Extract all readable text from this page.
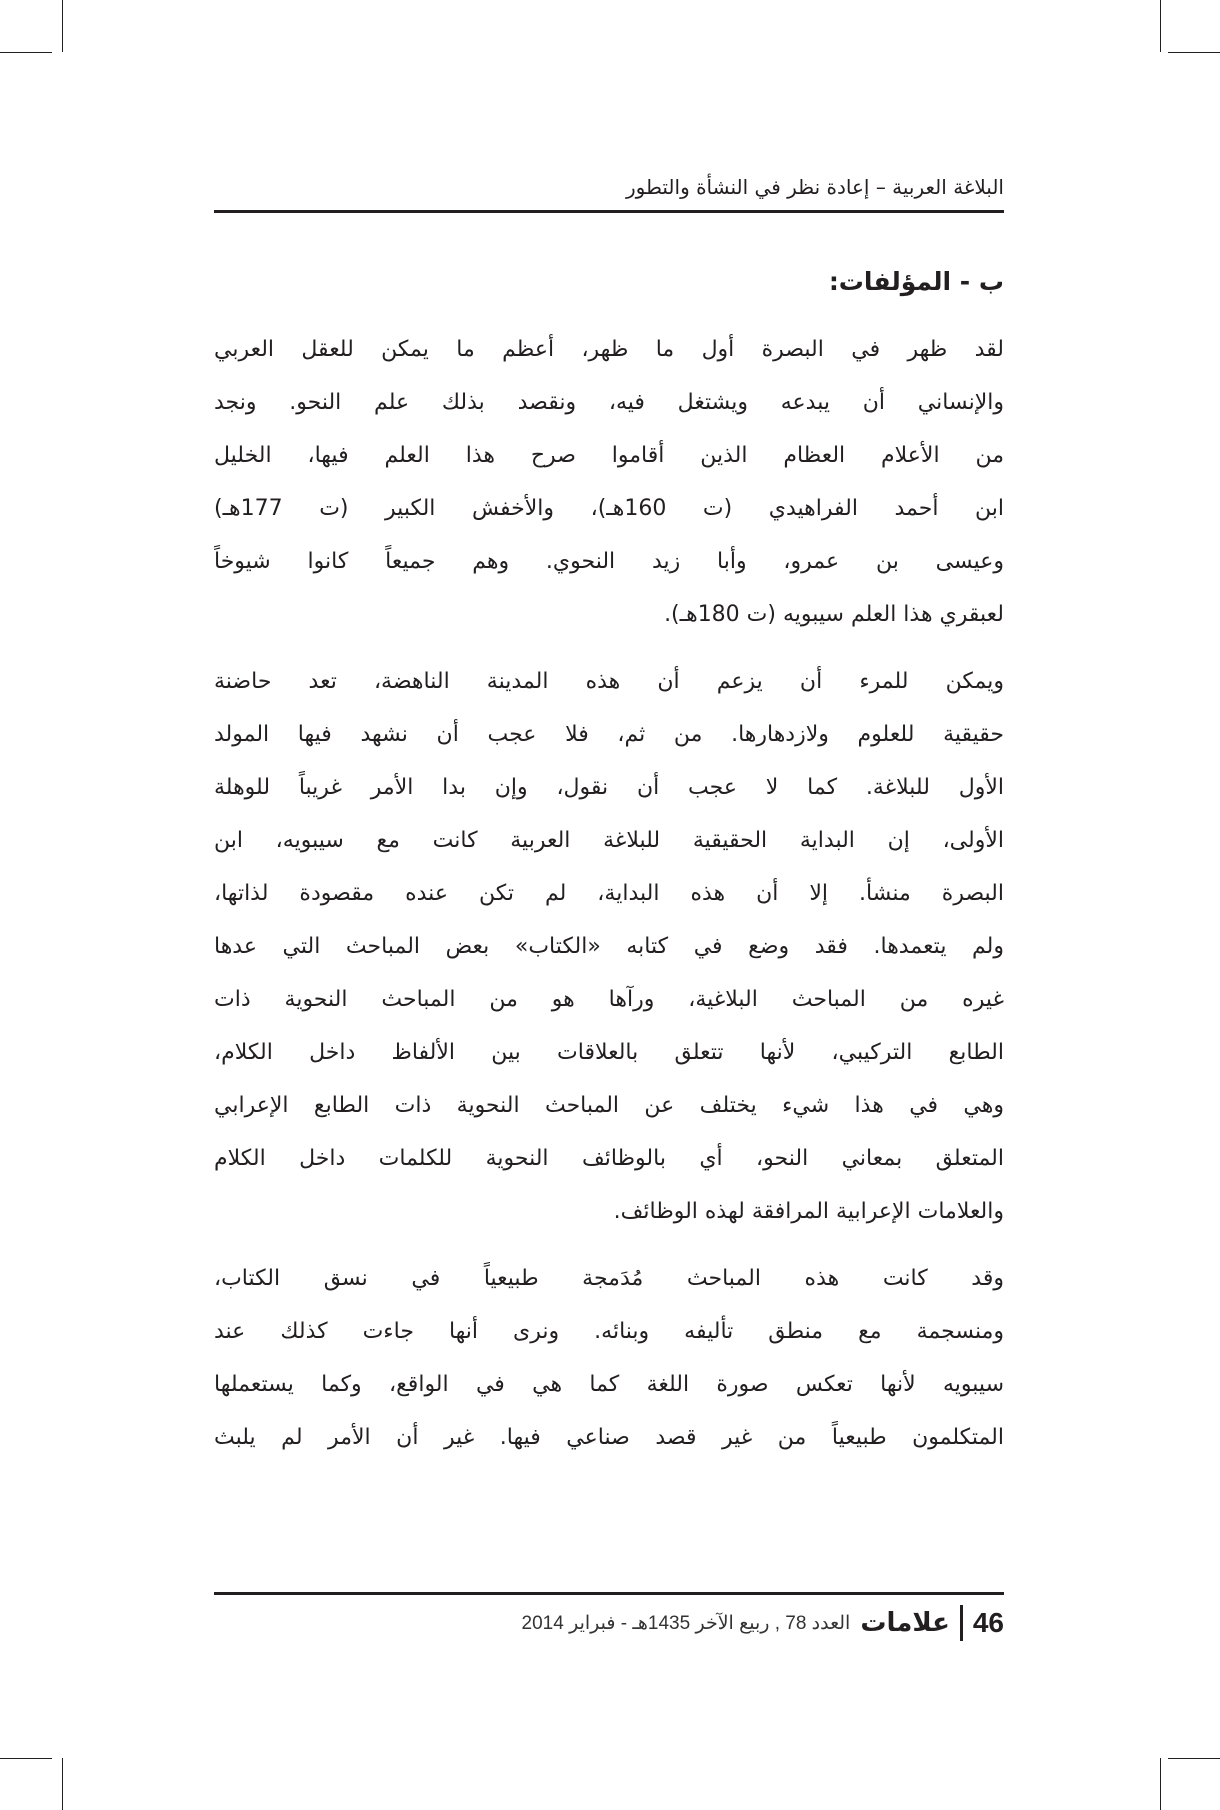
البلاغة العربية – إعادة نظر في النشأة والتطور
ب - المؤلفات:
لقد ظهر في البصرة أول ما ظهر، أعظم ما يمكن للعقل العربي
والإنساني أن يبدعه ويشتغل فيه، ونقصد بذلك علم النحو. ونجد
من الأعلام العظام الذين أقاموا صرح هذا العلم فيها، الخليل
ابن أحمد الفراهيدي (ت 160هـ)، والأخفش الكبير (ت 177هـ)
وعيسى بن عمرو، وأبا زيد النحوي. وهم جميعاً كانوا شيوخاً
لعبقري هذا العلم سيبويه (ت 180هـ).
ويمكن للمرء أن يزعم أن هذه المدينة الناهضة، تعد حاضنة
حقيقية للعلوم ولازدهارها. من ثم، فلا عجب أن نشهد فيها المولد
الأول للبلاغة. كما لا عجب أن نقول، وإن بدا الأمر غريباً للوهلة
الأولى، إن البداية الحقيقية للبلاغة العربية كانت مع سيبويه، ابن
البصرة منشأ. إلا أن هذه البداية، لم تكن عنده مقصودة لذاتها،
ولم يتعمدها. فقد وضع في كتابه «الكتاب» بعض المباحث التي عدها
غيره من المباحث البلاغية، ورآها هو من المباحث النحوية ذات
الطابع التركيبي، لأنها تتعلق بالعلاقات بين الألفاظ داخل الكلام،
وهي في هذا شيء يختلف عن المباحث النحوية ذات الطابع الإعرابي
المتعلق بمعاني النحو، أي بالوظائف النحوية للكلمات داخل الكلام
والعلامات الإعرابية المرافقة لهذه الوظائف.
وقد كانت هذه المباحث مُدَمجة طبيعياً في نسق الكتاب،
ومنسجمة مع منطق تأليفه وبنائه. ونرى أنها جاءت كذلك عند
سيبويه لأنها تعكس صورة اللغة كما هي في الواقع، وكما يستعملها
المتكلمون طبيعياً من غير قصد صناعي فيها. غير أن الأمر لم يلبث
46
علامات
العدد 78 , ربيع الآخر 1435هـ - فبراير 2014
